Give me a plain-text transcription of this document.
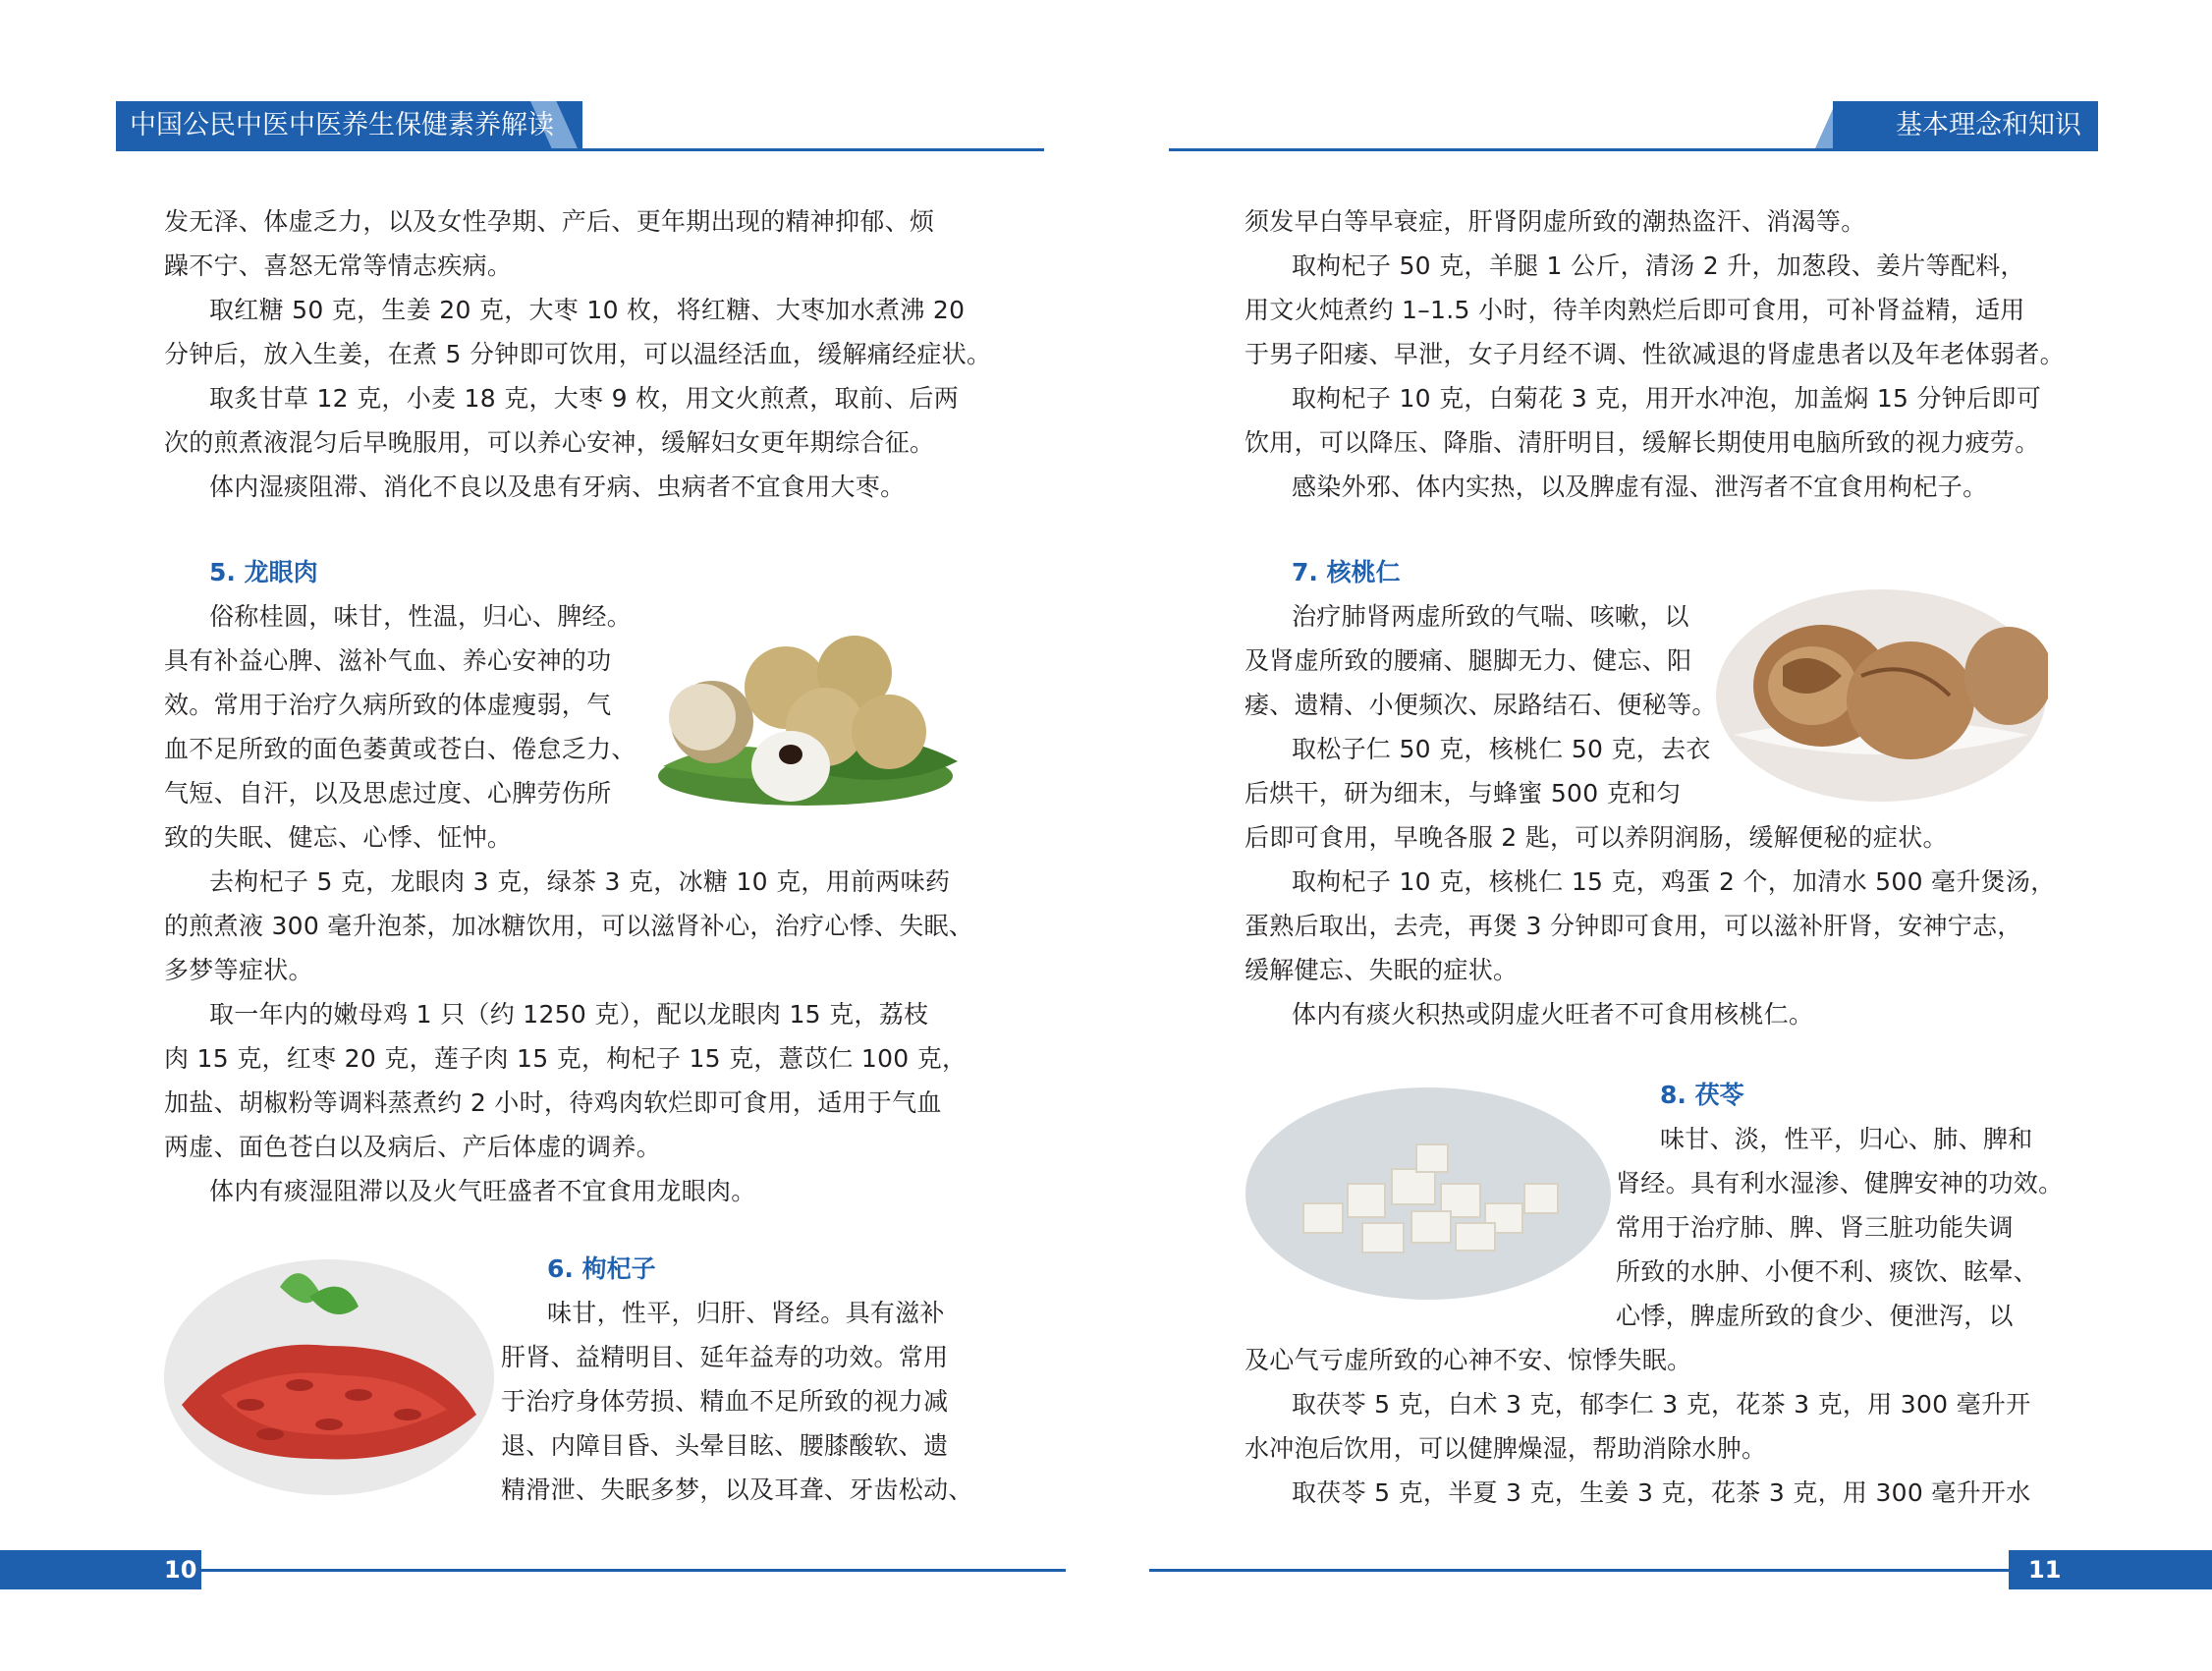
中国公民中医中医养生保健素养解读	基本理念和知识
发无泽、体虚乏力，以及女性孕期、产后、更年期出现的精神抑郁、烦
躁不宁、喜怒无常等情志疾病。
取红糖 50 克，生姜 20 克，大枣 10 枚，将红糖、大枣加水煮沸 20
分钟后，放入生姜，在煮 5 分钟即可饮用，可以温经活血，缓解痛经症状。
取炙甘草 12 克，小麦 18 克，大枣 9 枚，用文火煎煮，取前、后两
次的煎煮液混匀后早晚服用，可以养心安神，缓解妇女更年期综合征。
体内湿痰阻滞、消化不良以及患有牙病、虫病者不宜食用大枣。
5. 龙眼肉
俗称桂圆，味甘，性温，归心、脾经。
具有补益心脾、滋补气血、养心安神的功
效。常用于治疗久病所致的体虚瘦弱，气
血不足所致的面色萎黄或苍白、倦怠乏力、
气短、自汗，以及思虑过度、心脾劳伤所
致的失眠、健忘、心悸、怔忡。
去枸杞子 5 克，龙眼肉 3 克，绿茶 3 克，冰糖 10 克，用前两味药
的煎煮液 300 毫升泡茶，加冰糖饮用，可以滋肾补心，治疗心悸、失眠、
多梦等症状。
取一年内的嫩母鸡 1 只（约 1250 克），配以龙眼肉 15 克，荔枝
肉 15 克，红枣 20 克，莲子肉 15 克，枸杞子 15 克，薏苡仁 100 克，
加盐、胡椒粉等调料蒸煮约 2 小时，待鸡肉软烂即可食用，适用于气血
两虚、面色苍白以及病后、产后体虚的调养。
体内有痰湿阻滞以及火气旺盛者不宜食用龙眼肉。
6. 枸杞子
味甘，性平，归肝、肾经。具有滋补
肝肾、益精明目、延年益寿的功效。常用
于治疗身体劳损、精血不足所致的视力减
退、内障目昏、头晕目眩、腰膝酸软、遗
精滑泄、失眠多梦，以及耳聋、牙齿松动、
须发早白等早衰症，肝肾阴虚所致的潮热盗汗、消渴等。
取枸杞子 50 克，羊腿 1 公斤，清汤 2 升，加葱段、姜片等配料，
用文火炖煮约 1–1.5 小时，待羊肉熟烂后即可食用，可补肾益精，适用
于男子阳痿、早泄，女子月经不调、性欲减退的肾虚患者以及年老体弱者。
取枸杞子 10 克，白菊花 3 克，用开水冲泡，加盖焖 15 分钟后即可
饮用，可以降压、降脂、清肝明目，缓解长期使用电脑所致的视力疲劳。
感染外邪、体内实热，以及脾虚有湿、泄泻者不宜食用枸杞子。
7. 核桃仁
治疗肺肾两虚所致的气喘、咳嗽，以
及肾虚所致的腰痛、腿脚无力、健忘、阳
痿、遗精、小便频次、尿路结石、便秘等。
取松子仁 50 克，核桃仁 50 克，去衣
后烘干，研为细末，与蜂蜜 500 克和匀
后即可食用，早晚各服 2 匙，可以养阴润肠，缓解便秘的症状。
取枸杞子 10 克，核桃仁 15 克，鸡蛋 2 个，加清水 500 毫升煲汤，
蛋熟后取出，去壳，再煲 3 分钟即可食用，可以滋补肝肾，安神宁志，
缓解健忘、失眠的症状。
体内有痰火积热或阴虚火旺者不可食用核桃仁。
8. 茯苓
味甘、淡，性平，归心、肺、脾和
肾经。具有利水湿渗、健脾安神的功效。
常用于治疗肺、脾、肾三脏功能失调
所致的水肿、小便不利、痰饮、眩晕、
心悸，脾虚所致的食少、便泄泻，以
及心气亏虚所致的心神不安、惊悸失眠。
取茯苓 5 克，白术 3 克，郁李仁 3 克，花茶 3 克，用 300 毫升开
水冲泡后饮用，可以健脾燥湿，帮助消除水肿。
取茯苓 5 克，半夏 3 克，生姜 3 克，花茶 3 克，用 300 毫升开水
10	11
